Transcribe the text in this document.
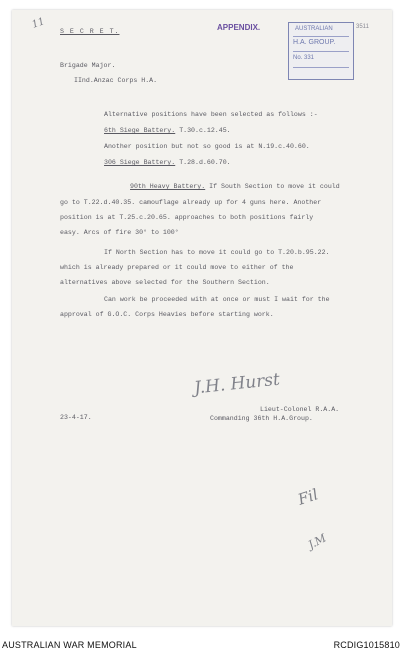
11
S E C R E T.	APPENDIX.	AUSTRALIAN
H.A. GROUP.
No. 331
3511
Brigade Major.
IInd.Anzac Corps H.A.
Alternative positions have been selected as follows :-
6th Siege Battery. T.30.c.12.45.
Another position but not so good is at N.19.c.40.60.
306 Siege Battery. T.28.d.60.70.
90th Heavy Battery. If South Section to move it could
go to T.22.d.40.35. camouflage already up for 4 guns here. Another
position is at T.25.c.20.65. approaches to both positions fairly
easy. Arcs of fire 30° to 100°
If North Section has to move it could go to T.20.b.95.22.
which is already prepared or it could move to either of the
alternatives above selected for the Southern Section.
Can work be proceeded with at once or must I wait for the
approval of G.O.C. Corps Heavies before starting work.
J.H. Hurst
Lieut-Colonel R.A.A.
Commanding 36th H.A.Group.
23-4-17.
Fil
J.M
AUSTRALIAN WAR MEMORIAL	RCDIG1015810
